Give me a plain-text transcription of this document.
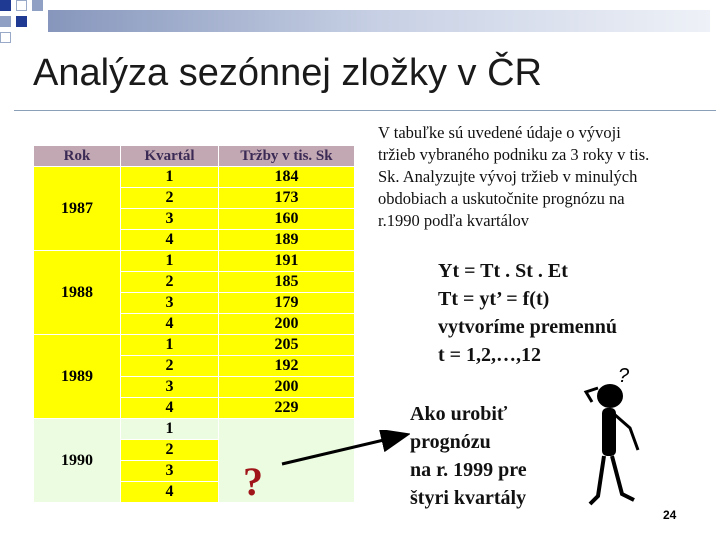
Analýza sezónnej zložky v ČR
Rok	Kvartál	Tržby v tis. Sk
1987	1	184
	2	173
	3	160
	4	189
1988	1	191
	2	185
	3	179
	4	200
1989	1	205
	2	192
	3	200
	4	229
1990	1	
	2	
	3	
	4	?
V tabuľke sú uvedené údaje o vývoji
tržieb vybraného podniku za 3 roky v tis.
Sk. Analyzujte vývoj tržieb v minulých
obdobiach a uskutočnite prognózu na
r.1990 podľa kvartálov
Yt = Tt . St . Et
Tt = yt’ = f(t)
vytvoríme premennú
t = 1,2,…,12
Ako urobiť
prognózu
na r. 1999 pre
štyri kvartály
?
24
